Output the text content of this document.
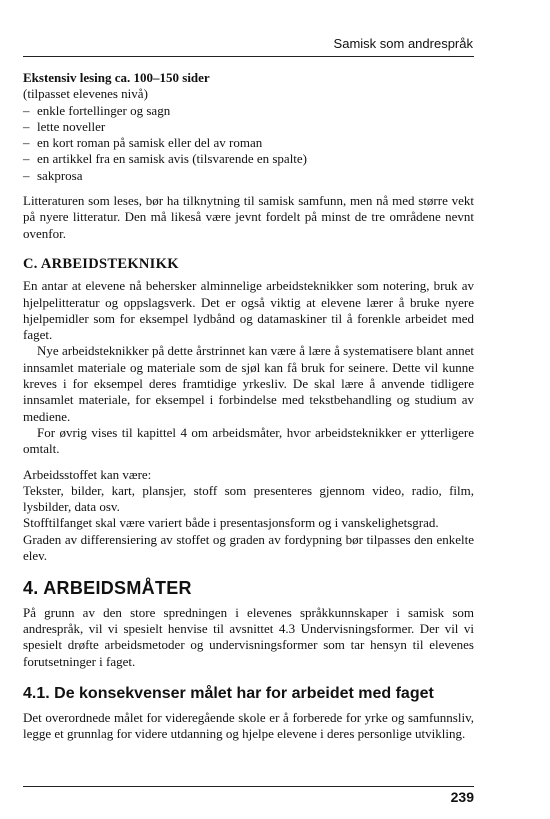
Samisk som andrespråk

Ekstensiv lesing ca. 100–150 sider

(tilpasset elevenes nivå)

– enkle fortellinger og sagn
– lette noveller
– en kort roman på samisk eller del av roman
– en artikkel fra en samisk avis (tilsvarende en spalte)
– sakprosa

Litteraturen som leses, bør ha tilknytning til samisk samfunn, men nå med større vekt på nyere litteratur. Den må likeså være jevnt fordelt på minst de tre områdene nevnt ovenfor.

C. ARBEIDSTEKNIKK

En antar at elevene nå behersker alminnelige arbeidsteknikker som notering, bruk av hjelpelitteratur og oppslagsverk. Det er også viktig at elevene lærer å bruke nyere hjelpemidler som for eksempel lydbånd og datamaskiner til å forenkle arbeidet med faget.

Nye arbeidsteknikker på dette årstrinnet kan være å lære å systematisere blant annet innsamlet materiale og materiale som de sjøl kan få bruk for seinere. Dette vil kunne kreves i for eksempel deres framtidige yrkesliv. De skal lære å anvende tidligere innsamlet materiale, for eksempel i forbindelse med tekstbehandling og studium av mediene.

For øvrig vises til kapittel 4 om arbeidsmåter, hvor arbeidsteknikker er ytterligere omtalt.

Arbeidsstoffet kan være:

Tekster, bilder, kart, plansjer, stoff som presenteres gjennom video, radio, film, lysbilder, data osv.

Stofftilfanget skal være variert både i presentasjonsform og i vanskelighetsgrad.

Graden av differensiering av stoffet og graden av fordypning bør tilpasses den enkelte elev.

4. ARBEIDSMÅTER

På grunn av den store spredningen i elevenes språkkunnskaper i samisk som andrespråk, vil vi spesielt henvise til avsnittet 4.3 Undervisningsformer. Der vil vi spesielt drøfte arbeidsmetoder og undervisningsformer som tar hensyn til elevenes forutsetninger i faget.

4.1. De konsekvenser målet har for arbeidet med faget

Det overordnede målet for videregående skole er å forberede for yrke og samfunnsliv, legge et grunnlag for videre utdanning og hjelpe elevene i deres personlige utvikling.

239
